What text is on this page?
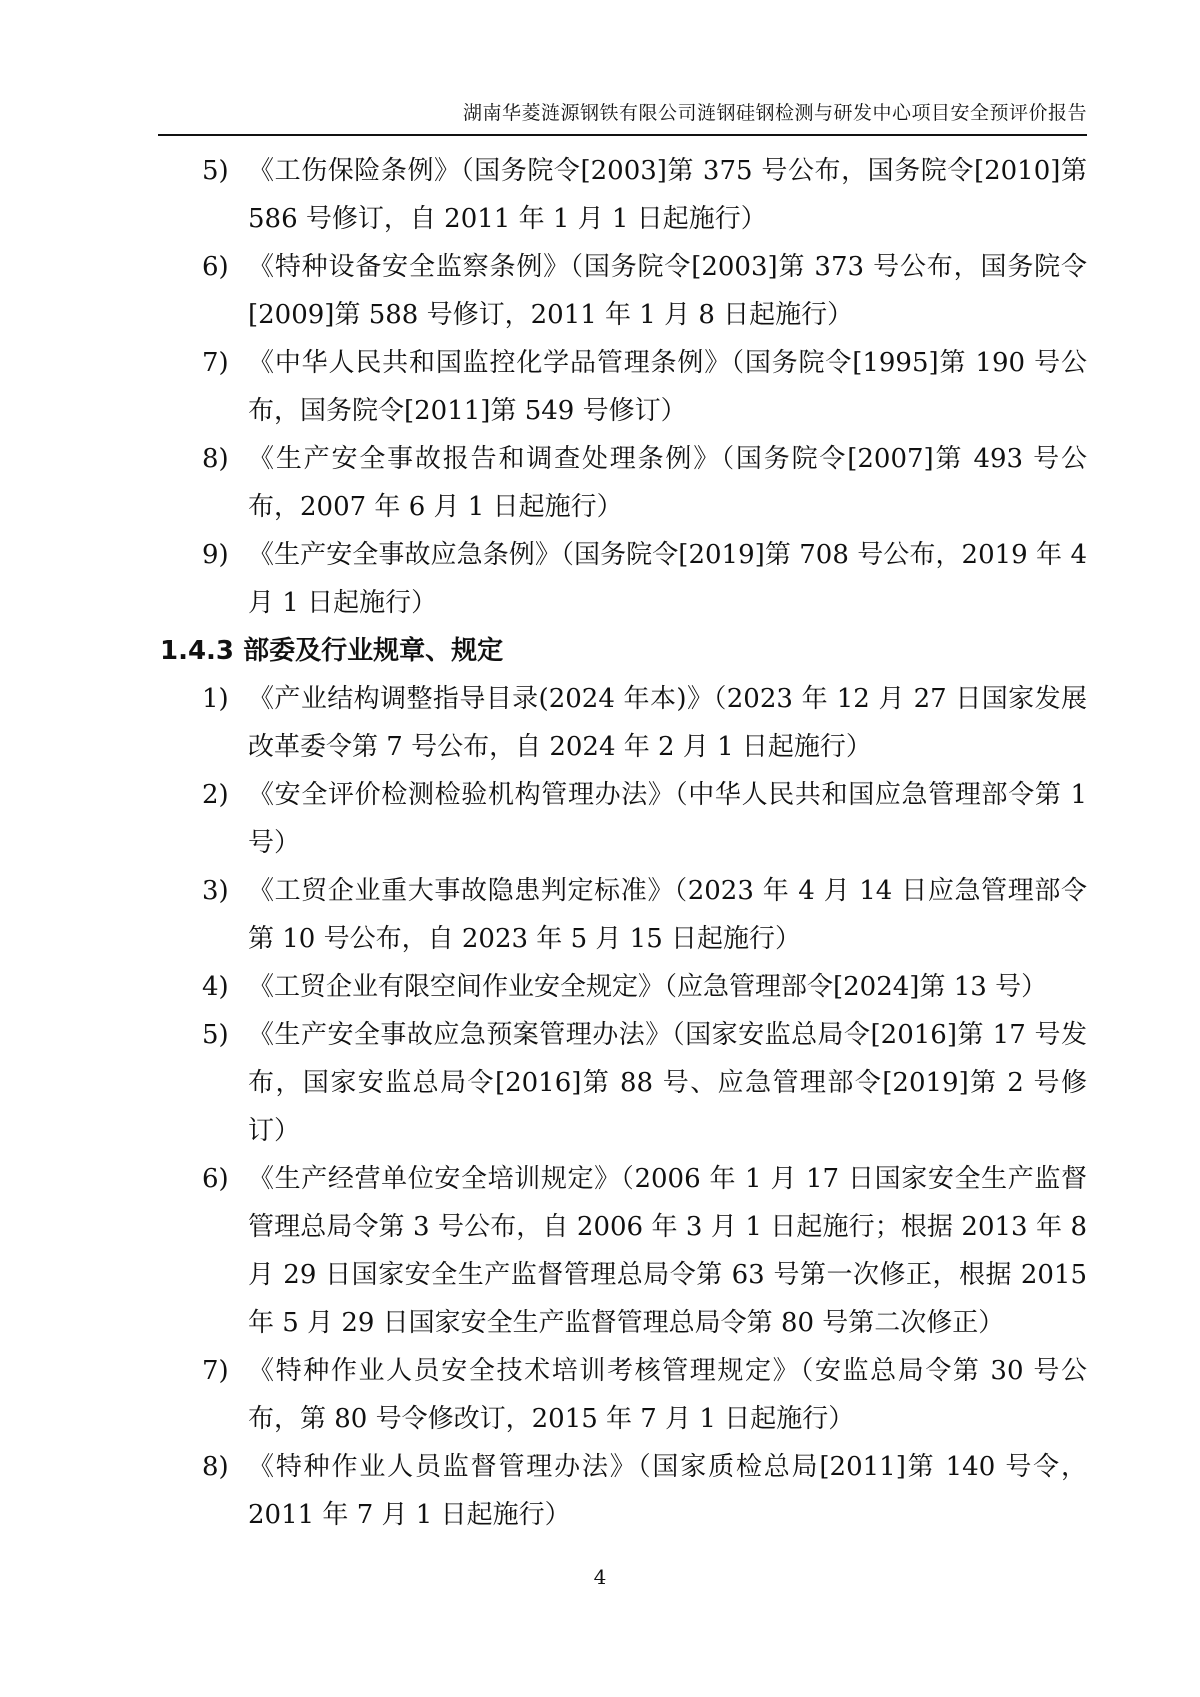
湖南华菱涟源钢铁有限公司涟钢硅钢检测与研发中心项目安全预评价报告
5) 《工伤保险条例》（国务院令[2003]第 375 号公布，国务院令[2010]第 586 号修订，自 2011 年 1 月 1 日起施行）
6) 《特种设备安全监察条例》（国务院令[2003]第 373 号公布，国务院令[2009]第 588 号修订，2011 年 1 月 8 日起施行）
7) 《中华人民共和国监控化学品管理条例》（国务院令[1995]第 190 号公布，国务院令[2011]第 549 号修订）
8) 《生产安全事故报告和调查处理条例》（国务院令[2007]第 493 号公布，2007 年 6 月 1 日起施行）
9) 《生产安全事故应急条例》（国务院令[2019]第 708 号公布，2019 年 4 月 1 日起施行）
1.4.3 部委及行业规章、规定
1) 《产业结构调整指导目录(2024 年本)》（2023 年 12 月 27 日国家发展改革委令第 7 号公布，自 2024 年 2 月 1 日起施行）
2) 《安全评价检测检验机构管理办法》（中华人民共和国应急管理部令第 1 号）
3) 《工贸企业重大事故隐患判定标准》（2023 年 4 月 14 日应急管理部令第 10 号公布，自 2023 年 5 月 15 日起施行）
4) 《工贸企业有限空间作业安全规定》（应急管理部令[2024]第 13 号）
5) 《生产安全事故应急预案管理办法》（国家安监总局令[2016]第 17 号发布，国家安监总局令[2016]第 88 号、应急管理部令[2019]第 2 号修订）
6) 《生产经营单位安全培训规定》（2006 年 1 月 17 日国家安全生产监督管理总局令第 3 号公布，自 2006 年 3 月 1 日起施行；根据 2013 年 8 月 29 日国家安全生产监督管理总局令第 63 号第一次修正，根据 2015 年 5 月 29 日国家安全生产监督管理总局令第 80 号第二次修正）
7) 《特种作业人员安全技术培训考核管理规定》（安监总局令第 30 号公布，第 80 号令修改订，2015 年 7 月 1 日起施行）
8) 《特种作业人员监督管理办法》（国家质检总局[2011]第 140 号令，2011 年 7 月 1 日起施行）
4
